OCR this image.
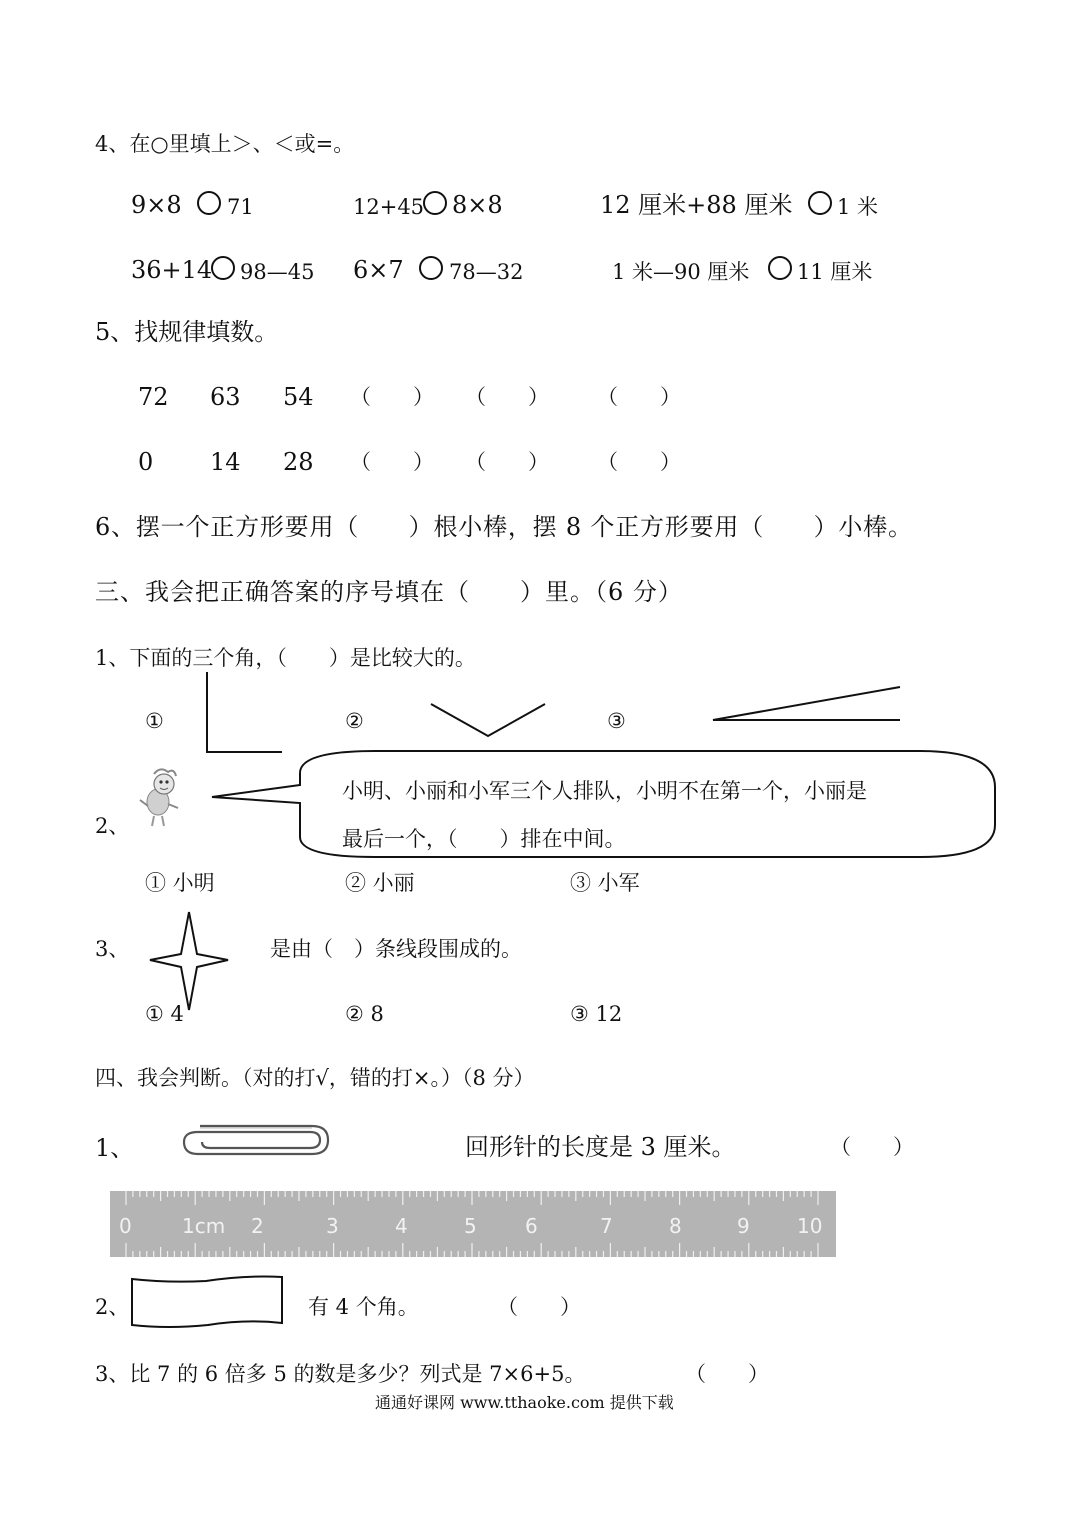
4、在○里填上＞、＜或=。
9×8 71	12+45 8×8	12 厘米+88 厘米 1 米
36+14 98—45 6×7 78—32	1 米—90 厘米 11 厘米
5、找规律填数。
72 63 54 （　　） （　　） （　　）
0 14 28 （　　） （　　） （　　）
6、摆一个正方形要用（　　）根小棒，摆 8 个正方形要用（　　）小棒。
三、我会把正确答案的序号填在（　　）里。（6 分）
1、下面的三个角，（　　）是比较大的。
①	②	③
2、
小明、小丽和小军三个人排队，小明不在第一个，小丽是
最后一个，（　　）排在中间。
① 小明	② 小丽	③ 小军
3、	是由（　）条线段围成的。
① 4	② 8	③ 12
四、我会判断。（对的打√，错的打×。）（8 分）
1、	回形针的长度是 3 厘米。	（　　）
0	1cm 2	3	4	5 6	7	8	9 10
2、	有 4 个角。	（　　）
3、比 7 的 6 倍多 5 的数是多少？列式是 7×6+5。	（　　）
通通好课网 www.tthaoke.com 提供下载
